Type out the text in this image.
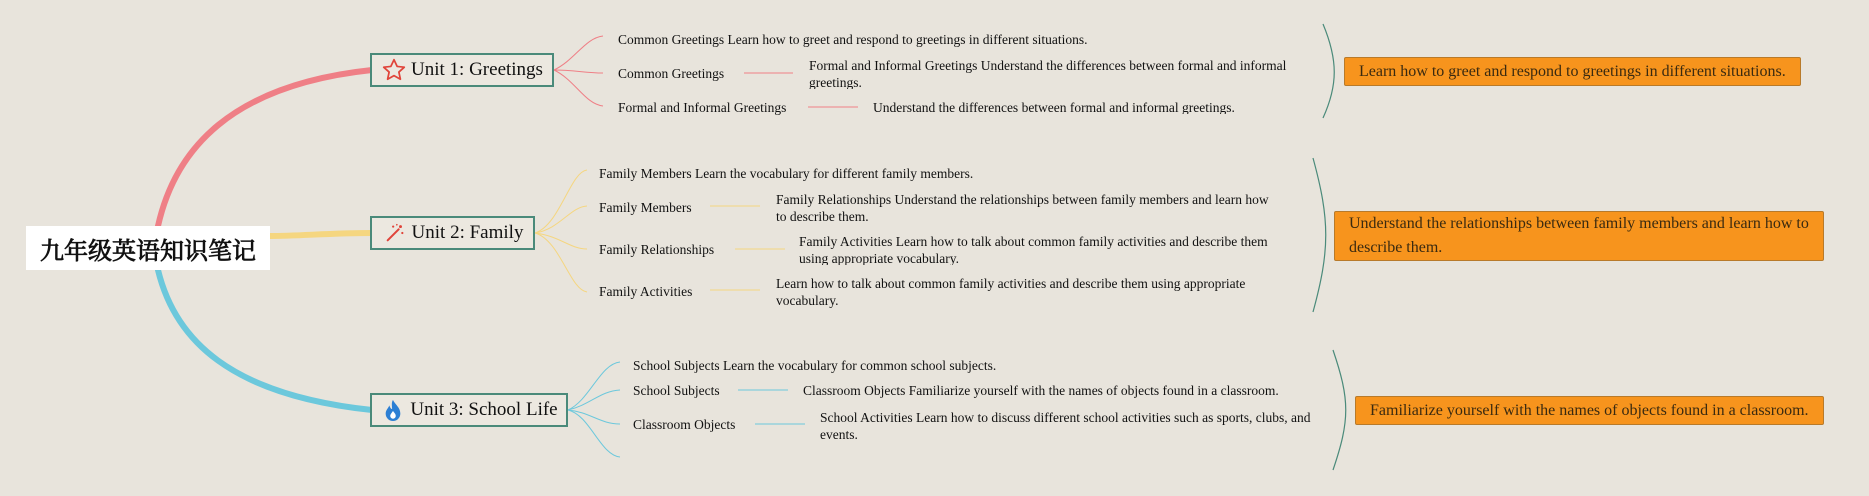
九年级英语知识笔记
Unit 1: Greetings
Common Greetings Learn how to greet and respond to greetings in different situations.
Common Greetings
Formal and Informal Greetings Understand the differences between formal and informal greetings.
Formal and Informal Greetings	Understand the differences between formal and informal greetings.
Learn how to greet and respond to greetings in different situations.
Unit 2: Family
Family Members Learn the vocabulary for different family members.
Family Members
Family Relationships Understand the relationships between family members and learn how to describe them.
Family Relationships
Family Activities Learn how to talk about common family activities and describe them using appropriate vocabulary.
Family Activities
Learn how to talk about common family activities and describe them using appropriate vocabulary.
Understand the relationships between family members and learn how to describe them.
Unit 3: School Life
School Subjects Learn the vocabulary for common school subjects.
School Subjects	Classroom Objects Familiarize yourself with the names of objects found in a classroom.
Classroom Objects	School Activities Learn how to discuss different school activities such as sports, clubs, and events.
Familiarize yourself with the names of objects found in a classroom.
